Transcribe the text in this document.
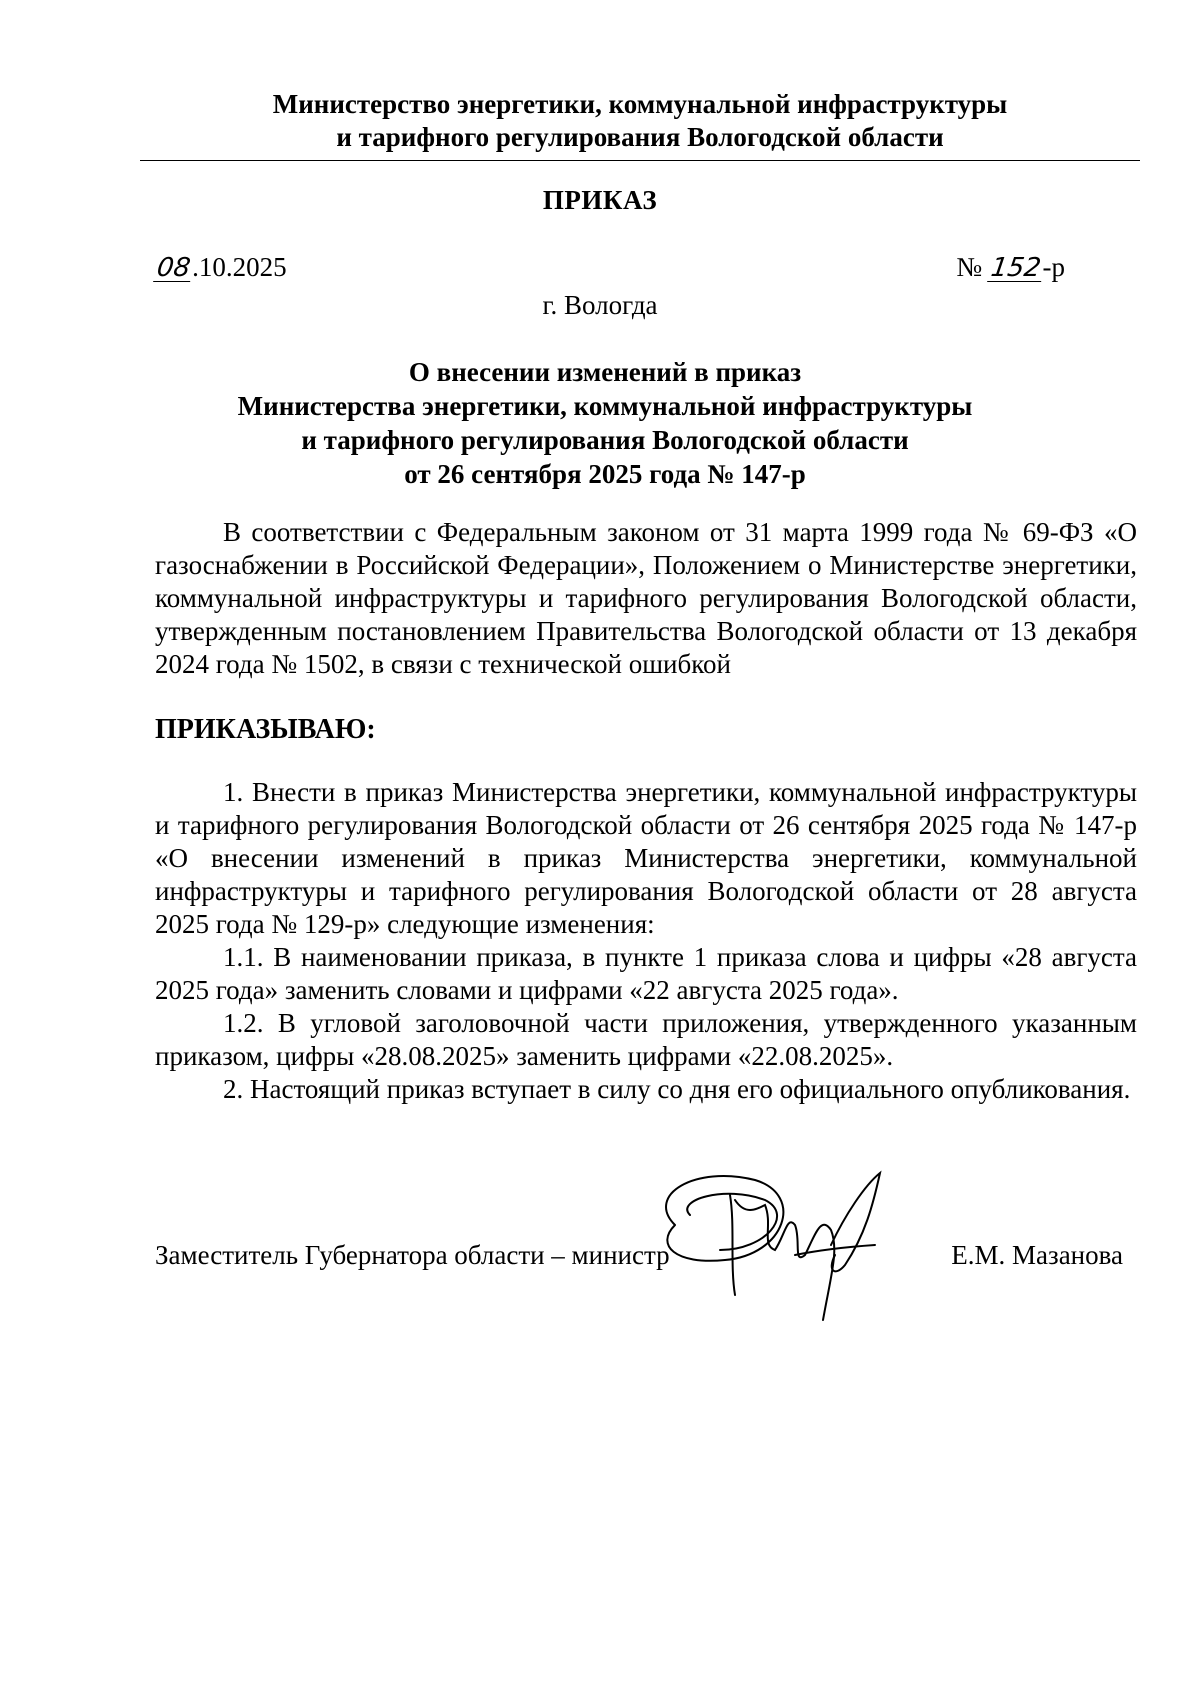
Министерство энергетики, коммунальной инфраструктуры
и тарифного регулирования Вологодской области
ПРИКАЗ
08.10.2025	№ 152-р
г. Вологда
О внесении изменений в приказ
Министерства энергетики, коммунальной инфраструктуры
и тарифного регулирования Вологодской области
от 26 сентября 2025 года № 147-р
В соответствии с Федеральным законом от 31 марта 1999 года № 69-ФЗ «О газоснабжении в Российской Федерации», Положением о Министерстве энергетики, коммунальной инфраструктуры и тарифного регулирования Вологодской области, утвержденным постановлением Правительства Вологодской области от 13 декабря 2024 года № 1502, в связи с технической ошибкой
ПРИКАЗЫВАЮ:

1. Внести в приказ Министерства энергетики, коммунальной инфраструктуры и тарифного регулирования Вологодской области от 26 сентября 2025 года № 147-р «О внесении изменений в приказ Министерства энергетики, коммунальной инфраструктуры и тарифного регулирования Вологодской области от 28 августа 2025 года № 129-р» следующие изменения:

1.1. В наименовании приказа, в пункте 1 приказа слова и цифры «28 августа 2025 года» заменить словами и цифрами «22 августа 2025 года».

1.2. В угловой заголовочной части приложения, утвержденного указанным приказом, цифры «28.08.2025» заменить цифрами «22.08.2025».

2. Настоящий приказ вступает в силу со дня его официального опубликования.

Заместитель Губернатора области – министр	Е.М. Мазанова
